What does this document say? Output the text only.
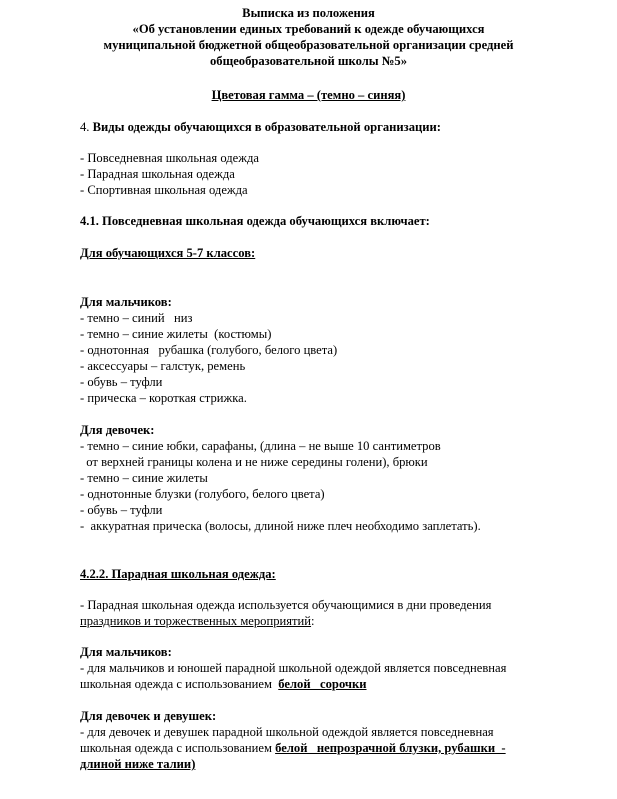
Выписка из положения
«Об установлении единых требований к одежде обучающихся
муниципальной бюджетной общеобразовательной организации средней
общеобразовательной школы №5»
Цветовая гамма – (темно – синяя)
4. Виды одежды обучающихся в образовательной организации:
- Повседневная школьная одежда
- Парадная школьная одежда
- Спортивная школьная одежда
4.1. Повседневная школьная одежда обучающихся включает:
Для обучающихся 5-7 классов:
Для мальчиков:
- темно – синий   низ
- темно – синие жилеты  (костюмы)
- однотонная   рубашка (голубого, белого цвета)
- аксессуары – галстук, ремень
- обувь – туфли
- прическа – короткая стрижка.
Для девочек:
- темно – синие юбки, сарафаны, (длина – не выше 10 сантиметров
от верхней границы колена и не ниже середины голени), брюки
- темно – синие жилеты
- однотонные блузки (голубого, белого цвета)
- обувь – туфли
-  аккуратная прическа (волосы, длиной ниже плеч необходимо заплетать).
4.2.2. Парадная школьная одежда:
- Парадная школьная одежда используется обучающимися в дни проведения
праздников и торжественных мероприятий:
Для мальчиков:
- для мальчиков и юношей парадной школьной одеждой является повседневная
школьная одежда с использованием  белой   сорочки
Для девочек и девушек:
- для девочек и девушек парадной школьной одеждой является повседневная
школьная одежда с использованием белой   непрозрачной блузки, рубашки  -
длиной ниже талии)
